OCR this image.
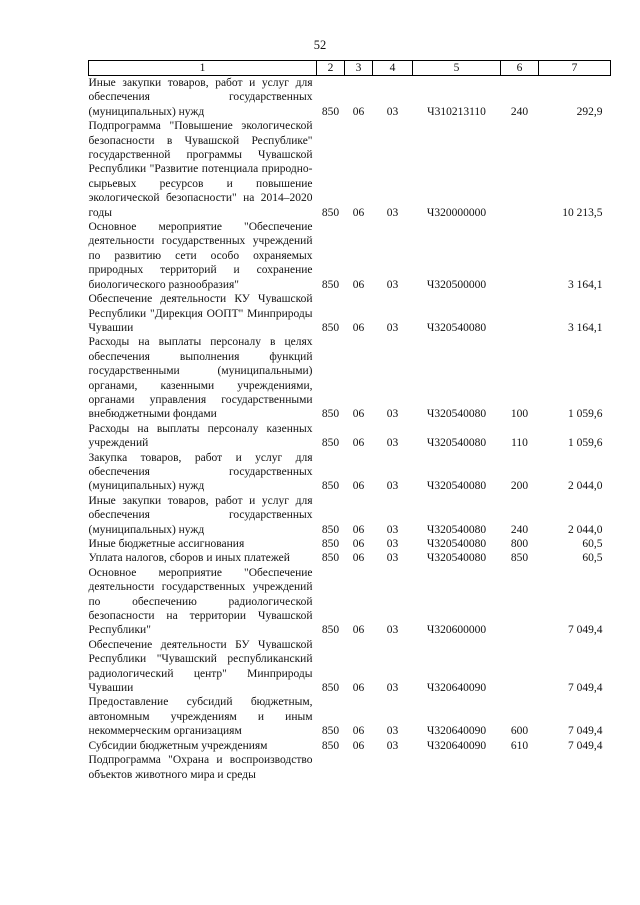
52
1	2	3	4	5	6	7
Иные закупки товаров, работ и услуг для обеспечения государственных (муниципальных) нужд	850	06	03	Ч310213110	240	292,9
Подпрограмма "Повышение экологической безопасности в Чувашской Республике" государственной программы Чувашской Республики "Развитие потенциала природно-сырьевых ресурсов и повышение экологической безопасности" на 2014–2020 годы	850	06	03	Ч320000000		10 213,5
Основное мероприятие "Обеспечение деятельности государственных учреждений по развитию сети особо охраняемых природных территорий и сохранение биологического разнообразия"	850	06	03	Ч320500000		3 164,1
Обеспечение деятельности КУ Чувашской Республики "Дирекция ООПТ" Минприроды Чувашии	850	06	03	Ч320540080		3 164,1
Расходы на выплаты персоналу в целях обеспечения выполнения функций государственными (муниципальными) органами, казенными учреждениями, органами управления государственными внебюджетными фондами	850	06	03	Ч320540080	100	1 059,6
Расходы на выплаты персоналу казенных учреждений	850	06	03	Ч320540080	110	1 059,6
Закупка товаров, работ и услуг для обеспечения государственных (муниципальных) нужд	850	06	03	Ч320540080	200	2 044,0
Иные закупки товаров, работ и услуг для обеспечения государственных (муниципальных) нужд	850	06	03	Ч320540080	240	2 044,0
Иные бюджетные ассигнования	850	06	03	Ч320540080	800	60,5
Уплата налогов, сборов и иных платежей	850	06	03	Ч320540080	850	60,5
Основное мероприятие "Обеспечение деятельности государственных учреждений по обеспечению радиологической безопасности на территории Чувашской Республики"	850	06	03	Ч320600000		7 049,4
Обеспечение деятельности БУ Чувашской Республики "Чувашский республиканский радиологический центр" Минприроды Чувашии	850	06	03	Ч320640090		7 049,4
Предоставление субсидий бюджетным, автономным учреждениям и иным некоммерческим организациям	850	06	03	Ч320640090	600	7 049,4
Субсидии бюджетным учреждениям	850	06	03	Ч320640090	610	7 049,4
Подпрограмма "Охрана и воспроизводство объектов животного мира и среды						
